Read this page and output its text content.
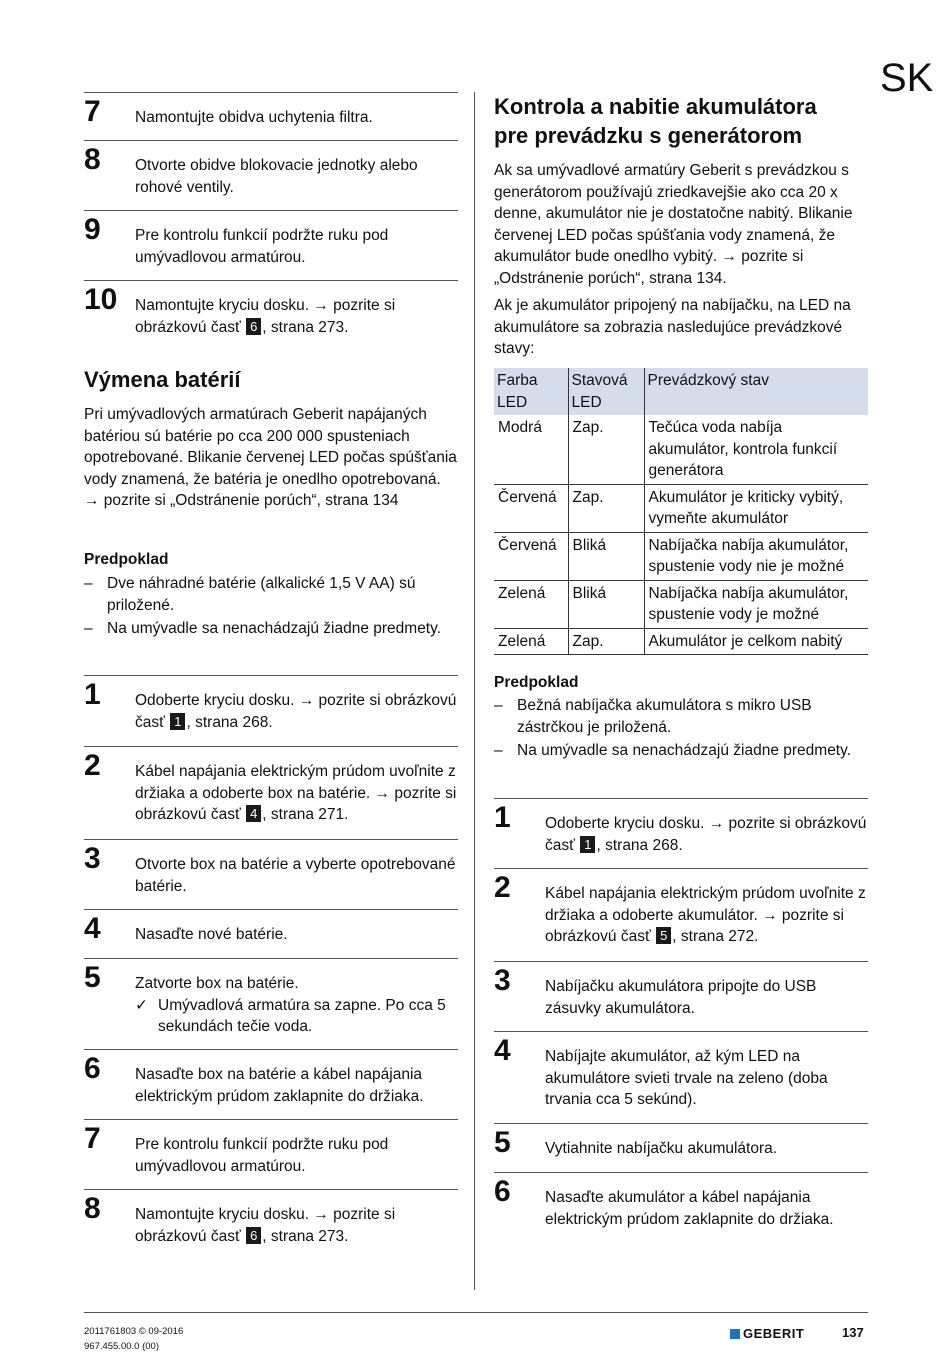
SK
7 Namontujte obidva uchytenia filtra.
8 Otvorte obidve blokovacie jednotky alebo rohové ventily.
9 Pre kontrolu funkcií podržte ruku pod umývadlovou armatúrou.
10 Namontujte kryciu dosku. → pozrite si obrázkovú časť 6 , strana 273.
Výmena batérií
Pri umývadlových armatúrach Geberit napájaných batériou sú batérie po cca 200 000 spusteniach opotrebované. Blikanie červenej LED počas spúšťania vody znamená, že batéria je onedlho opotrebovaná. → pozrite si „Odstránenie porúch“, strana 134
Predpoklad
– Dve náhradné batérie (alkalické 1,5 V AA) sú priložené.
– Na umývadle sa nenachádzajú žiadne predmety.
1 Odoberte kryciu dosku. → pozrite si obrázkovú časť 1 , strana 268.
2 Kábel napájania elektrickým prúdom uvoľnite z držiaka a odoberte box na batérie. → pozrite si obrázkovú časť 4 , strana 271.
3 Otvorte box na batérie a vyberte opotrebované batérie.
4 Nasaďte nové batérie.
5 Zatvorte box na batérie.
✓ Umývadlová armatúra sa zapne. Po cca 5 sekundách tečie voda.
6 Nasaďte box na batérie a kábel napájania elektrickým prúdom zaklapnite do držiaka.
7 Pre kontrolu funkcií podržte ruku pod umývadlovou armatúrou.
8 Namontujte kryciu dosku. → pozrite si obrázkovú časť 6 , strana 273.
Kontrola a nabitie akumulátora pre prevádzku s generátorom
Ak sa umývadlové armatúry Geberit s prevádzkou s generátorom používajú zriedkavejšie ako cca 20 x denne, akumulátor nie je dostatočne nabitý. Blikanie červenej LED počas spúšťania vody znamená, že akumulátor bude onedlho vybitý. → pozrite si „Odstránenie porúch“, strana 134.
Ak je akumulátor pripojený na nabíjačku, na LED na akumulátore sa zobrazia nasledujúce prevádzkové stavy:
Farba LED	Stavová LED	Prevádzkový stav
Modrá	Zap.	Tečúca voda nabíja akumulátor, kontrola funkcií generátora
Červená	Zap.	Akumulátor je kriticky vybitý, vymeňte akumulátor
Červená	Bliká	Nabíjačka nabíja akumulátor, spustenie vody nie je možné
Zelená	Bliká	Nabíjačka nabíja akumulátor, spustenie vody je možné
Zelená	Zap.	Akumulátor je celkom nabitý
Predpoklad
– Bežná nabíjačka akumulátora s mikro USB zástrčkou je priložená.
– Na umývadle sa nenachádzajú žiadne predmety.
1 Odoberte kryciu dosku. → pozrite si obrázkovú časť 1 , strana 268.
2 Kábel napájania elektrickým prúdom uvoľnite z držiaka a odoberte akumulátor. → pozrite si obrázkovú časť 5 , strana 272.
3 Nabíjačku akumulátora pripojte do USB zásuvky akumulátora.
4 Nabíjajte akumulátor, až kým LED na akumulátore svieti trvale na zeleno (doba trvania cca 5 sekúnd).
5 Vytiahnite nabíjačku akumulátora.
6 Nasaďte akumulátor a kábel napájania elektrickým prúdom zaklapnite do držiaka.
2011761803 © 09-2016
967.455.00.0 (00)
GEBERIT	137
